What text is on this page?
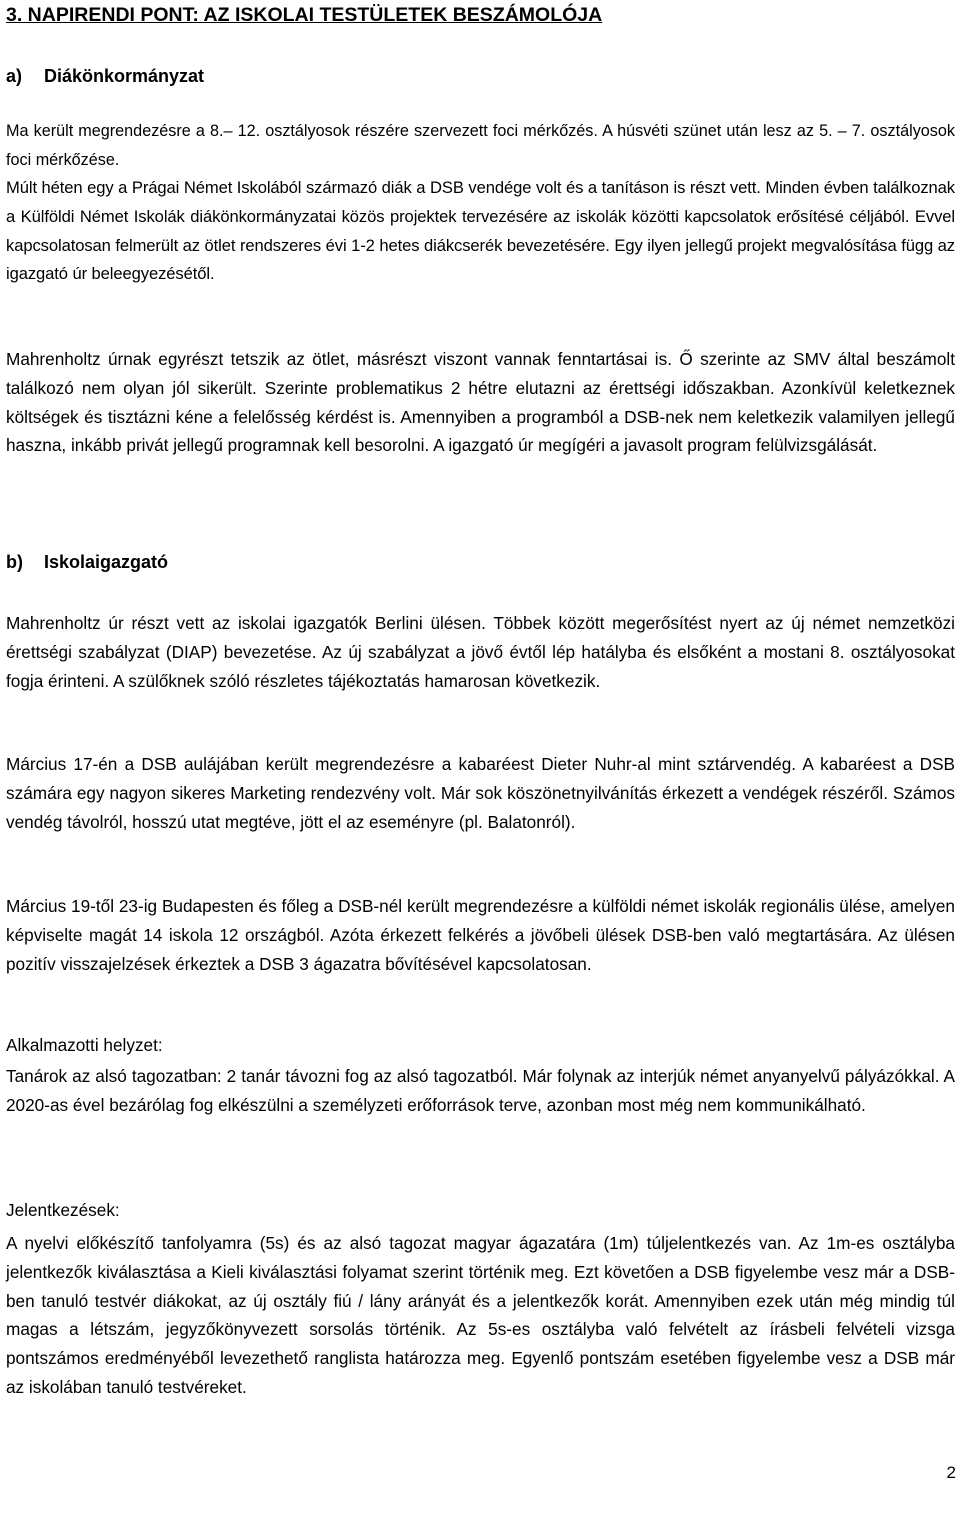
3. NAPIRENDI PONT: AZ ISKOLAI TESTÜLETEK BESZÁMOLÓJA
a) Diákönkormányzat
Ma került megrendezésre a 8.– 12. osztályosok részére szervezett foci mérkőzés. A húsvéti szünet után lesz az 5. – 7. osztályosok foci mérkőzése.
Múlt héten egy a Prágai Német Iskolából származó diák a DSB vendége volt és a tanításon is részt vett. Minden évben találkoznak a Külföldi Német Iskolák diákönkormányzatai közös projektek tervezésére az iskolák közötti kapcsolatok erősítésé céljából. Evvel kapcsolatosan felmerült az ötlet rendszeres évi 1-2 hetes diákcserék bevezetésére. Egy ilyen jellegű projekt megvalósítása függ az igazgató úr beleegyezésétől.
Mahrenholtz úrnak egyrészt tetszik az ötlet, másrészt viszont vannak fenntartásai is. Ő szerinte az SMV által beszámolt találkozó nem olyan jól sikerült. Szerinte problematikus 2 hétre elutazni az érettségi időszakban. Azonkívül keletkeznek költségek és tisztázni kéne a felelősség kérdést is. Amennyiben a programból a DSB-nek nem keletkezik valamilyen jellegű haszna, inkább privát jellegű programnak kell besorolni. A igazgató úr megígéri a javasolt program felülvizsgálását.
b) Iskolaigazgató
Mahrenholtz úr részt vett az iskolai igazgatók Berlini ülésen. Többek között megerősítést nyert az új német nemzetközi érettségi szabályzat (DIAP) bevezetése. Az új szabályzat a jövő évtől lép hatályba és elsőként a mostani 8. osztályosokat fogja érinteni. A szülőknek szóló részletes tájékoztatás hamarosan következik.
Március 17-én a DSB aulájában került megrendezésre a kabaréest Dieter Nuhr-al mint sztárvendég. A kabaréest a DSB számára egy nagyon sikeres Marketing rendezvény volt. Már sok köszönetnyilvánítás érkezett a vendégek részéről. Számos vendég távolról, hosszú utat megtéve, jött el az eseményre (pl. Balatonról).
Március 19-től 23-ig Budapesten és főleg a DSB-nél került megrendezésre a külföldi német iskolák regionális ülése, amelyen képviselte magát 14 iskola 12 országból. Azóta érkezett felkérés a jövőbeli ülések DSB-ben való megtartására. Az ülésen pozitív visszajelzések érkeztek a DSB 3 ágazatra bővítésével kapcsolatosan.
Alkalmazotti helyzet:
Tanárok az alsó tagozatban: 2 tanár távozni fog az alsó tagozatból. Már folynak az interjúk német anyanyelvű pályázókkal. A 2020-as ével bezárólag fog elkészülni a személyzeti erőforrások terve, azonban most még nem kommunikálható.
Jelentkezések:
A nyelvi előkészítő tanfolyamra (5s) és az alsó tagozat magyar ágazatára (1m) túljelentkezés van. Az 1m-es osztályba jelentkezők kiválasztása a Kieli kiválasztási folyamat szerint történik meg. Ezt követően a DSB figyelembe vesz már a DSB-ben tanuló testvér diákokat, az új osztály fiú / lány arányát és a jelentkezők korát. Amennyiben ezek után még mindig túl magas a létszám, jegyzőkönyvezett sorsolás történik. Az 5s-es osztályba való felvételt az írásbeli felvételi vizsga pontszámos eredményéből levezethető ranglista határozza meg. Egyenlő pontszám esetében figyelembe vesz a DSB már az iskolában tanuló testvéreket.
2
